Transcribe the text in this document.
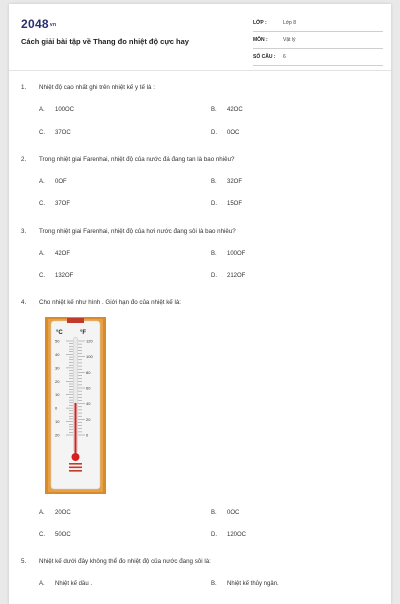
2048vn
Cách giải bài tập về Thang đo nhiệt độ cực hay
LỚP :	Lớp 8
MÔN :	Vật lý
SỐ CÂU : 6
1. Nhiệt độ cao nhất ghi trên nhiệt kế y tế là :
A. 100OC	B. 42OC
C. 37OC	D. 0OC
2. Trong nhiệt giai Farenhai, nhiệt độ của nước đá đang tan là bao nhiêu?
A. 0OF	B. 32OF
C. 37OF	D. 15OF
3. Trong nhiệt giai Farenhai, nhiệt độ của hơi nước đang sôi là bao nhiêu?
A. 42OF	B. 100OF
C. 132OF	D. 212OF
4. Cho nhiệt kế như hình . Giới hạn đo của nhiệt kế là:
°C	°F
50
40
30
20
10
0
10
20
120
100
80
60
40
20
0
A. 20OC	B. 0OC
C. 50OC	D. 120OC
5. Nhiệt kế dưới đây không thể đo nhiệt độ của nước đang sôi là:
A. Nhiệt kế dầu .	B. Nhiệt kế thủy ngân.
